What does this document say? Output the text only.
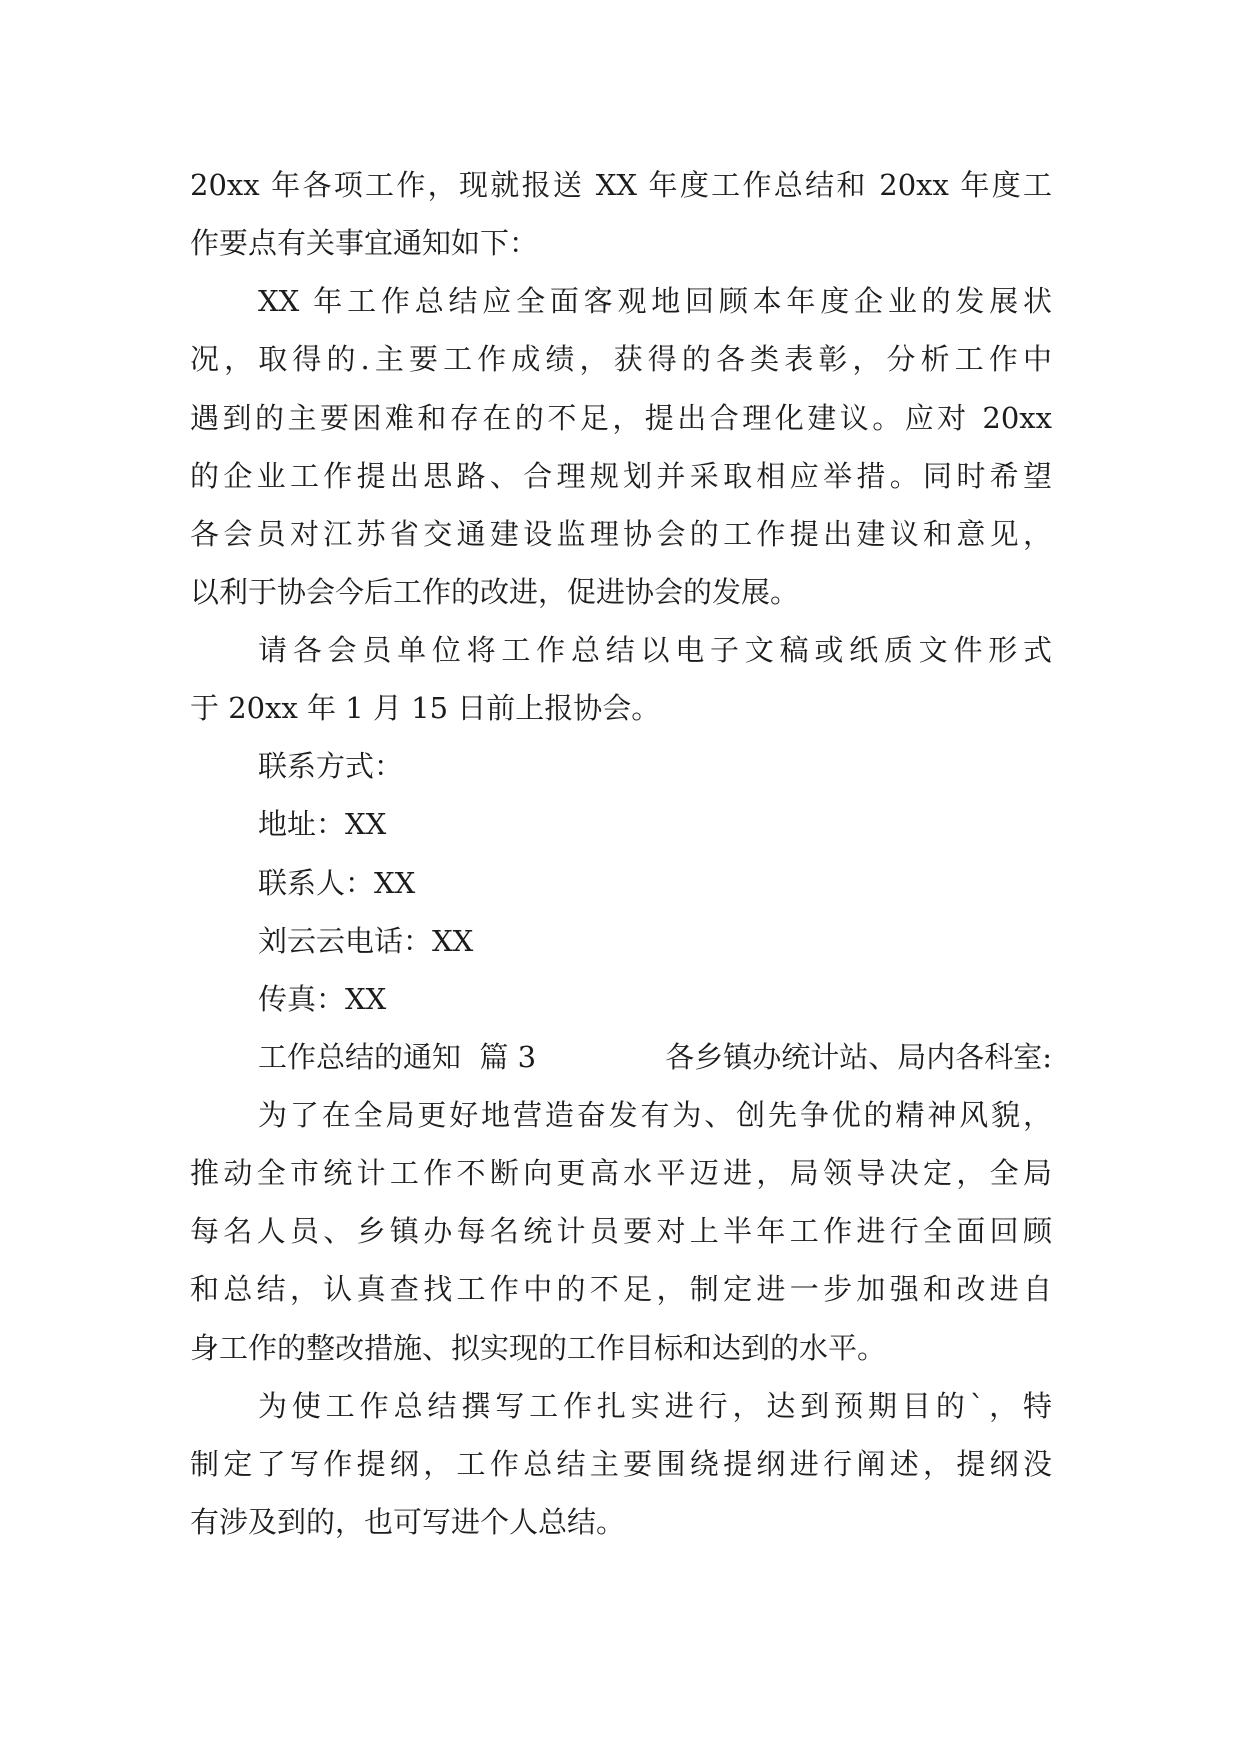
20xx 年各项工作，现就报送 XX 年度工作总结和 20xx 年度工
作要点有关事宜通知如下：
XX 年工作总结应全面客观地回顾本年度企业的发展状
况，取得的.主要工作成绩，获得的各类表彰，分析工作中
遇到的主要困难和存在的不足，提出合理化建议。应对 20xx
的企业工作提出思路、合理规划并采取相应举措。同时希望
各会员对江苏省交通建设监理协会的工作提出建议和意见，
以利于协会今后工作的改进，促进协会的发展。
请各会员单位将工作总结以电子文稿或纸质文件形式
于 20xx 年 1 月 15 日前上报协会。
联系方式：
地址：XX
联系人：XX
刘云云电话：XX
传真：XX
工作总结的通知  篇 3	各乡镇办统计站、局内各科室:
为了在全局更好地营造奋发有为、创先争优的精神风貌，
推动全市统计工作不断向更高水平迈进，局领导决定，全局
每名人员、乡镇办每名统计员要对上半年工作进行全面回顾
和总结，认真查找工作中的不足，制定进一步加强和改进自
身工作的整改措施、拟实现的工作目标和达到的水平。
为使工作总结撰写工作扎实进行，达到预期目的`，特
制定了写作提纲，工作总结主要围绕提纲进行阐述，提纲没
有涉及到的，也可写进个人总结。
